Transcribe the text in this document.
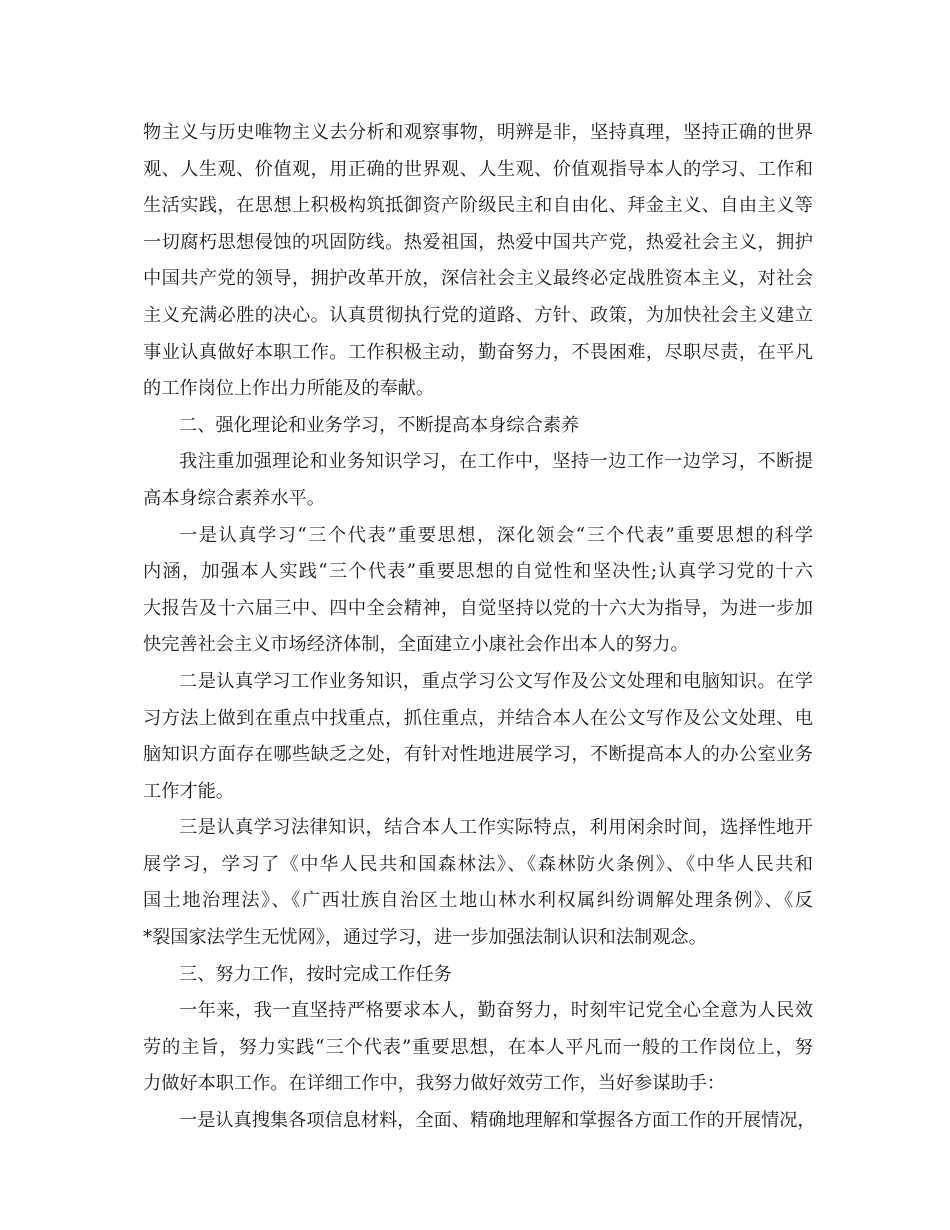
物主义与历史唯物主义去分析和观察事物，明辨是非，坚持真理，坚持正确的世界
观、人生观、价值观，用正确的世界观、人生观、价值观指导本人的学习、工作和
生活实践，在思想上积极构筑抵御资产阶级民主和自由化、拜金主义、自由主义等
一切腐朽思想侵蚀的巩固防线。热爱祖国，热爱中国共产党，热爱社会主义，拥护
中国共产党的领导，拥护改革开放，深信社会主义最终必定战胜资本主义，对社会
主义充满必胜的决心。认真贯彻执行党的道路、方针、政策，为加快社会主义建立
事业认真做好本职工作。工作积极主动，勤奋努力，不畏困难，尽职尽责，在平凡
的工作岗位上作出力所能及的奉献。
二、强化理论和业务学习，不断提高本身综合素养
我注重加强理论和业务知识学习，在工作中，坚持一边工作一边学习，不断提
高本身综合素养水平。
一是认真学习“三个代表”重要思想，深化领会“三个代表”重要思想的科学
内涵，加强本人实践“三个代表”重要思想的自觉性和坚决性;认真学习党的十六
大报告及十六届三中、四中全会精神，自觉坚持以党的十六大为指导，为进一步加
快完善社会主义市场经济体制，全面建立小康社会作出本人的努力。
二是认真学习工作业务知识，重点学习公文写作及公文处理和电脑知识。在学
习方法上做到在重点中找重点，抓住重点，并结合本人在公文写作及公文处理、电
脑知识方面存在哪些缺乏之处，有针对性地进展学习，不断提高本人的办公室业务
工作才能。
三是认真学习法律知识，结合本人工作实际特点，利用闲余时间，选择性地开
展学习，学习了《中华人民共和国森林法》、《森林防火条例》、《中华人民共和
国土地治理法》、《广西壮族自治区土地山林水利权属纠纷调解处理条例》、《反
*裂国家法学生无忧网》，通过学习，进一步加强法制认识和法制观念。
三、努力工作，按时完成工作任务
一年来，我一直坚持严格要求本人，勤奋努力，时刻牢记党全心全意为人民效
劳的主旨，努力实践“三个代表”重要思想，在本人平凡而一般的工作岗位上，努
力做好本职工作。在详细工作中，我努力做好效劳工作，当好参谋助手：
一是认真搜集各项信息材料，全面、精确地理解和掌握各方面工作的开展情况，
